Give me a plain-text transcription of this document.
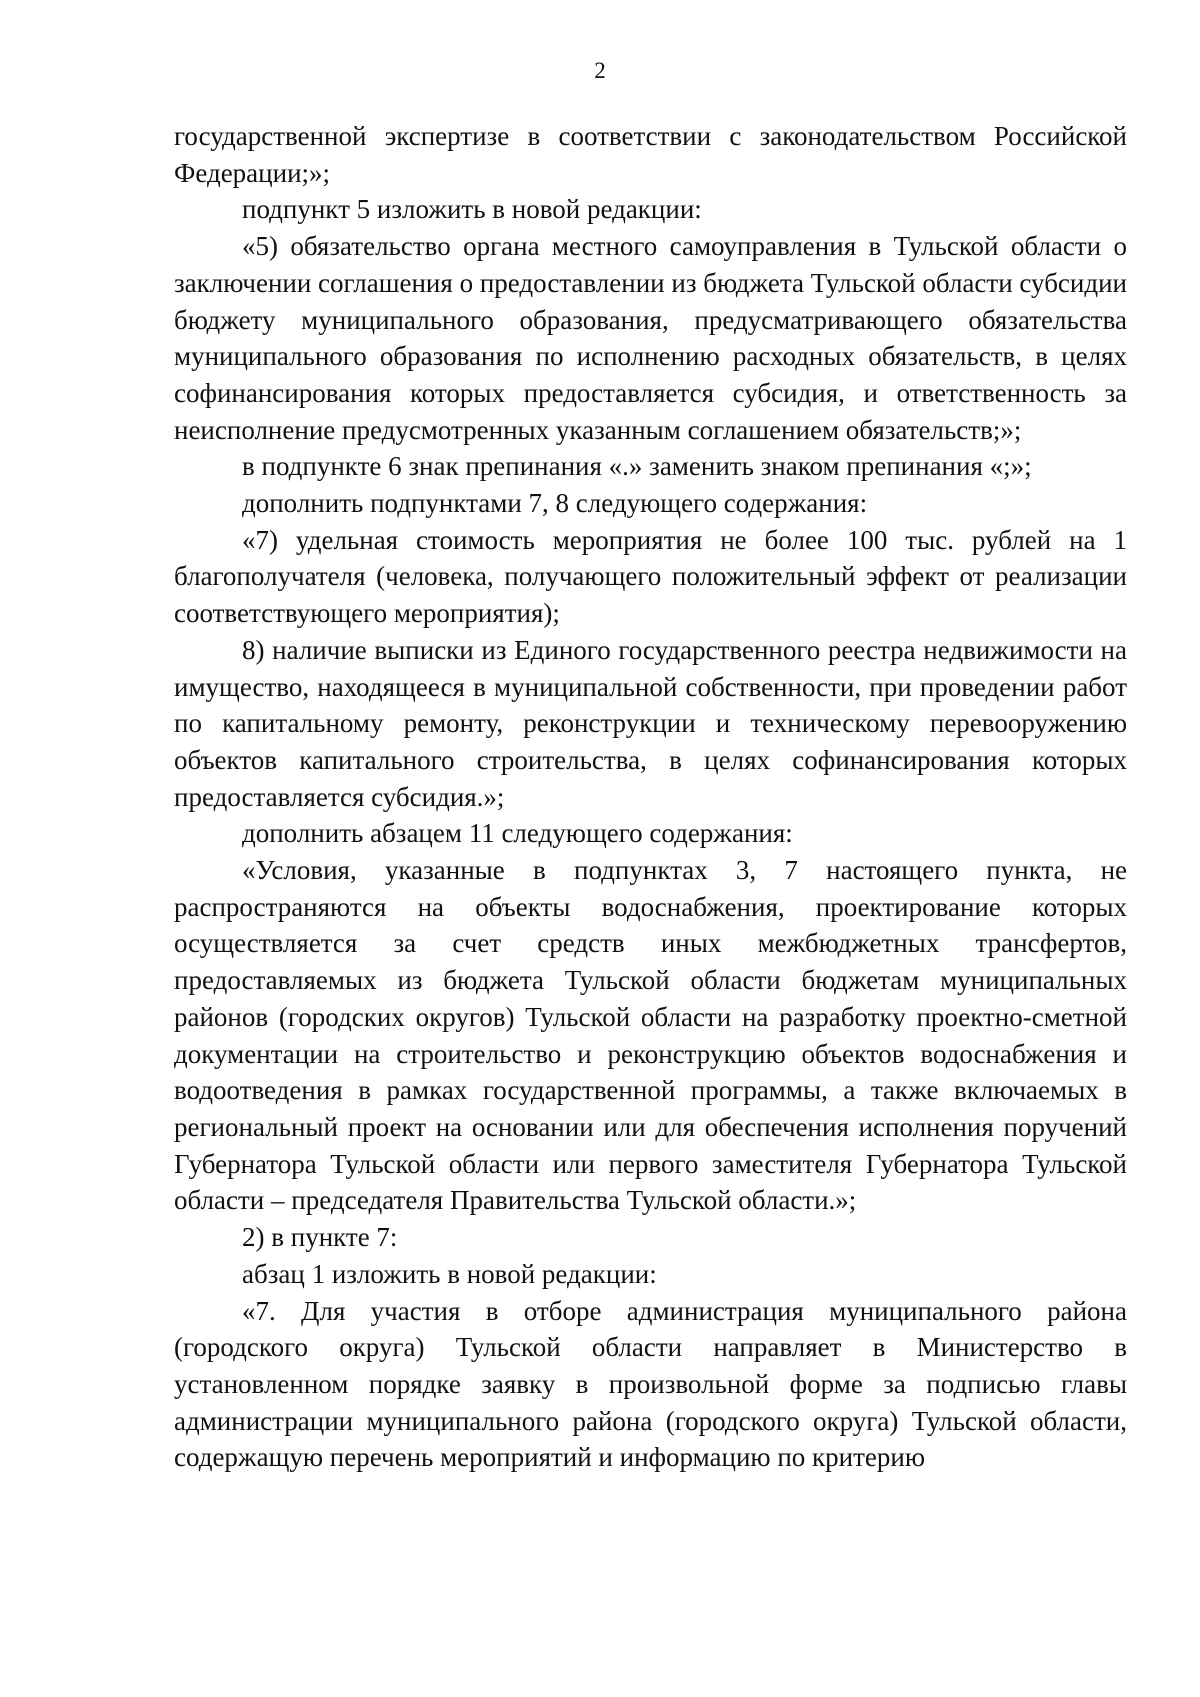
2

государственной экспертизе в соответствии с законодательством Российской Федерации;»;

подпункт 5 изложить в новой редакции:

«5) обязательство органа местного самоуправления в Тульской области о заключении соглашения о предоставлении из бюджета Тульской области субсидии бюджету муниципального образования, предусматривающего обязательства муниципального образования по исполнению расходных обязательств, в целях софинансирования которых предоставляется субсидия, и ответственность за неисполнение предусмотренных указанным соглашением обязательств;»;

в подпункте 6 знак препинания «.» заменить знаком препинания «;»;

дополнить подпунктами 7, 8 следующего содержания:

«7) удельная стоимость мероприятия не более 100 тыс. рублей на 1 благополучателя (человека, получающего положительный эффект от реализации соответствующего мероприятия);

8) наличие выписки из Единого государственного реестра недвижимости на имущество, находящееся в муниципальной собственности, при проведении работ по капитальному ремонту, реконструкции и техническому перевооружению объектов капитального строительства, в целях софинансирования которых предоставляется субсидия.»;

дополнить абзацем 11 следующего содержания:

«Условия, указанные в подпунктах 3, 7 настоящего пункта, не распространяются на объекты водоснабжения, проектирование которых осуществляется за счет средств иных межбюджетных трансфертов, предоставляемых из бюджета Тульской области бюджетам муниципальных районов (городских округов) Тульской области на разработку проектно-сметной документации на строительство и реконструкцию объектов водоснабжения и водоотведения в рамках государственной программы, а также включаемых в региональный проект на основании или для обеспечения исполнения поручений Губернатора Тульской области или первого заместителя Губернатора Тульской области – председателя Правительства Тульской области.»;

2) в пункте 7:

абзац 1 изложить в новой редакции:

«7. Для участия в отборе администрация муниципального района (городского округа) Тульской области направляет в Министерство в установленном порядке заявку в произвольной форме за подписью главы администрации муниципального района (городского округа) Тульской области, содержащую перечень мероприятий и информацию по критерию
